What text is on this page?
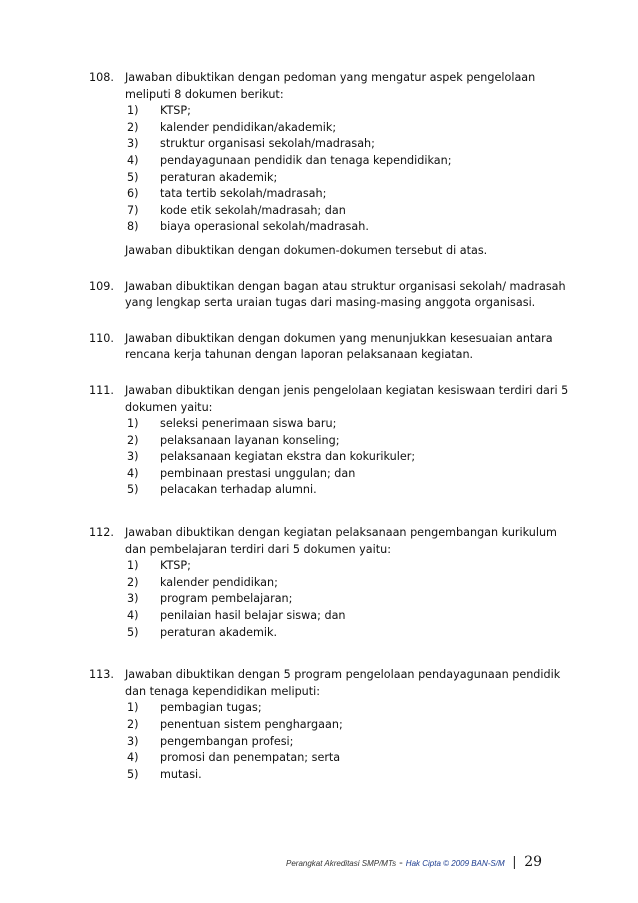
108. Jawaban dibuktikan dengan pedoman yang mengatur aspek pengelolaan meliputi 8 dokumen berikut:
1) KTSP;
2) kalender pendidikan/akademik;
3) struktur organisasi sekolah/madrasah;
4) pendayagunaan pendidik dan tenaga kependidikan;
5) peraturan akademik;
6) tata tertib sekolah/madrasah;
7) kode etik sekolah/madrasah; dan
8) biaya operasional sekolah/madrasah.
Jawaban dibuktikan dengan dokumen-dokumen tersebut di atas.
109. Jawaban dibuktikan dengan bagan atau struktur organisasi sekolah/ madrasah yang lengkap serta uraian tugas dari masing-masing anggota organisasi.
110. Jawaban dibuktikan dengan dokumen yang menunjukkan kesesuaian antara rencana kerja tahunan dengan laporan pelaksanaan kegiatan.
111. Jawaban dibuktikan dengan jenis pengelolaan kegiatan kesiswaan terdiri dari 5 dokumen yaitu:
1) seleksi penerimaan siswa baru;
2) pelaksanaan layanan konseling;
3) pelaksanaan kegiatan ekstra dan kokurikuler;
4) pembinaan prestasi unggulan; dan
5) pelacakan terhadap alumni.
112. Jawaban dibuktikan dengan kegiatan pelaksanaan pengembangan kurikulum dan pembelajaran terdiri dari 5 dokumen yaitu:
1) KTSP;
2) kalender pendidikan;
3) program pembelajaran;
4) penilaian hasil belajar siswa; dan
5) peraturan akademik.
113. Jawaban dibuktikan dengan 5 program pengelolaan pendayagunaan pendidik dan tenaga kependidikan meliputi:
1) pembagian tugas;
2) penentuan sistem penghargaan;
3) pengembangan profesi;
4) promosi dan penempatan; serta
5) mutasi.
Perangkat Akreditasi SMP/MTs - Hak Cipta © 2009 BAN-S/M | 29
